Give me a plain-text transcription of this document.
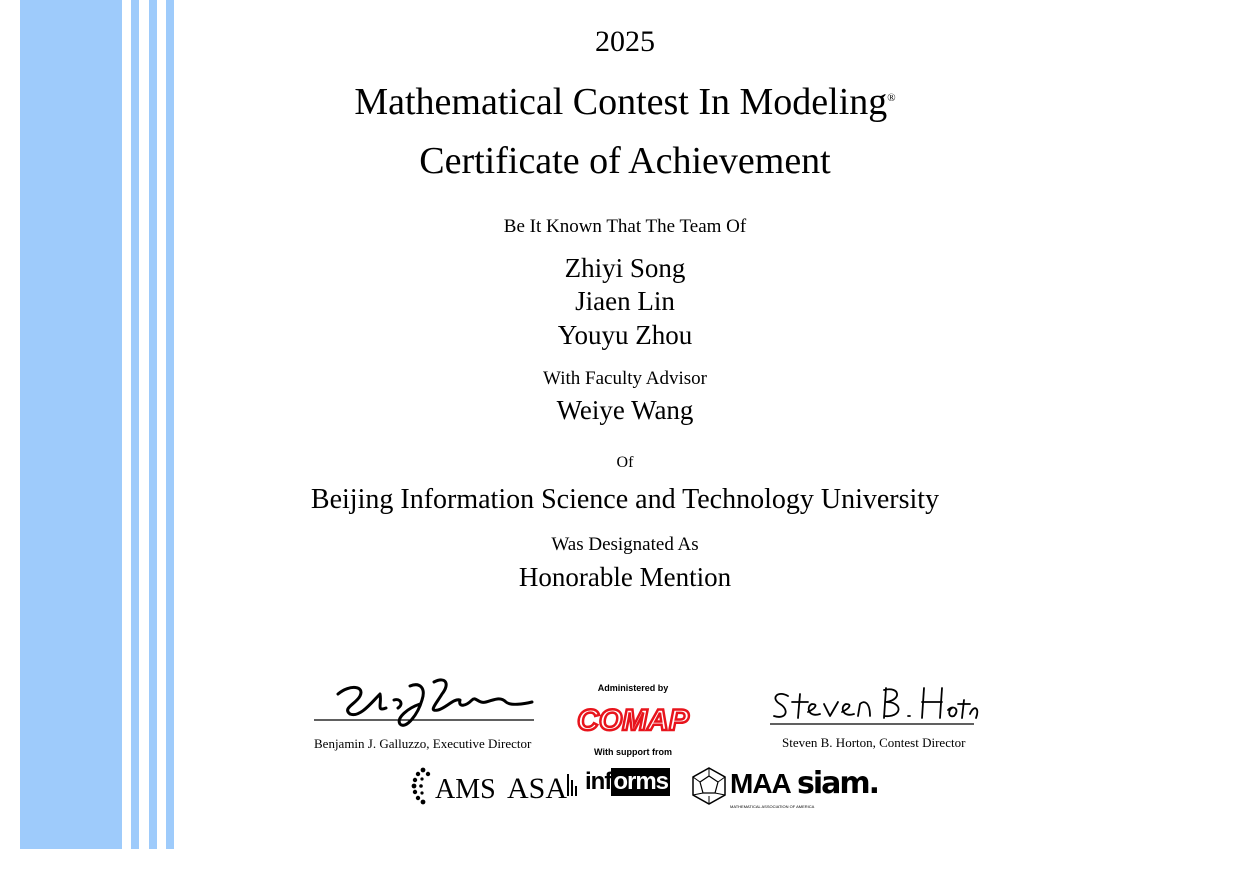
2025
Mathematical Contest In Modeling®
Certificate of Achievement
Be It Known That The Team Of
Zhiyi Song
Jiaen Lin
Youyu Zhou
With Faculty Advisor
Weiye Wang
Of
Beijing Information Science and Technology University
Was Designated As
Honorable Mention
Benjamin J. Galluzzo, Executive Director
Administered by
COMAP
With support from
Steven B. Horton, Contest Director
AMS ASA informs MAA
MATHEMATICAL ASSOCIATION OF AMERICA
siam.
